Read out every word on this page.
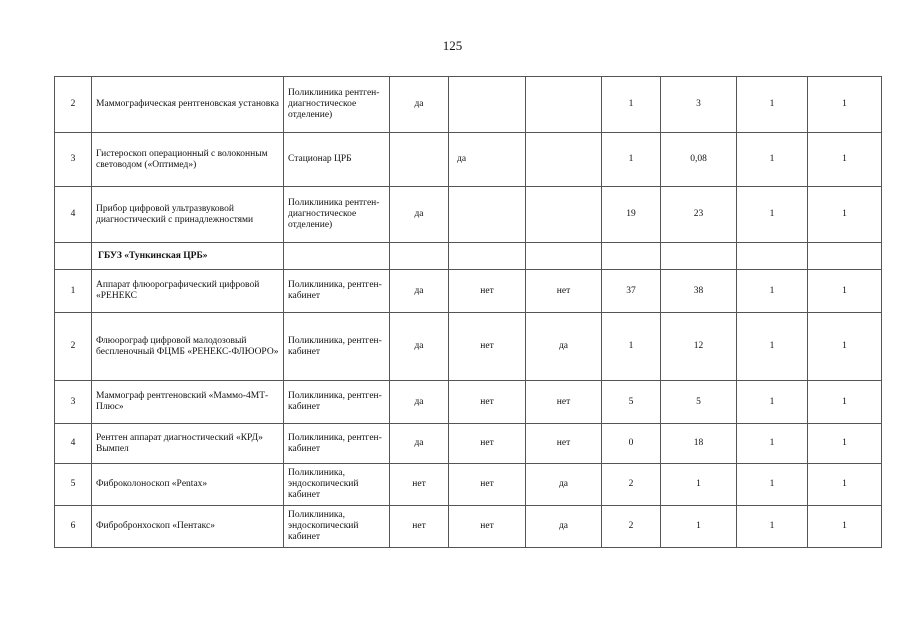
125
2	Маммографическая рентгеновская установка	Поликлиника рентген-диагностическое отделение)	да			1	3	1	1
3	Гистероскоп операционный с волоконным световодом («Оптимед»)	Стационар ЦРБ		да		1	0,08	1	1
4	Прибор цифровой ультразвуковой диагностический с принадлежностями	Поликлиника рентген-диагностическое отделение)	да			19	23	1	1
	ГБУЗ «Тункинская ЦРБ»								
1	Аппарат флюорографический цифровой «РЕНЕКС	Поликлиника, рентген-кабинет	да	нет	нет	37	38	1	1
2	Флюорограф цифровой малодозовый беспленочный ФЦМБ «РЕНЕКС-ФЛЮОРО»	Поликлиника, рентген-кабинет	да	нет	да	1	12	1	1
3	Маммограф рентгеновский «Маммо-4МТ-Плюс»	Поликлиника, рентген-кабинет	да	нет	нет	5	5	1	1
4	Рентген аппарат диагностический «КРД» Вымпел	Поликлиника, рентген-кабинет	да	нет	нет	0	18	1	1
5	Фиброколоноскоп «Pentax»	Поликлиника, эндоскопический кабинет	нет	нет	да	2	1	1	1
6	Фибробронхоскоп «Пентакс»	Поликлиника, эндоскопический кабинет	нет	нет	да	2	1	1	1
